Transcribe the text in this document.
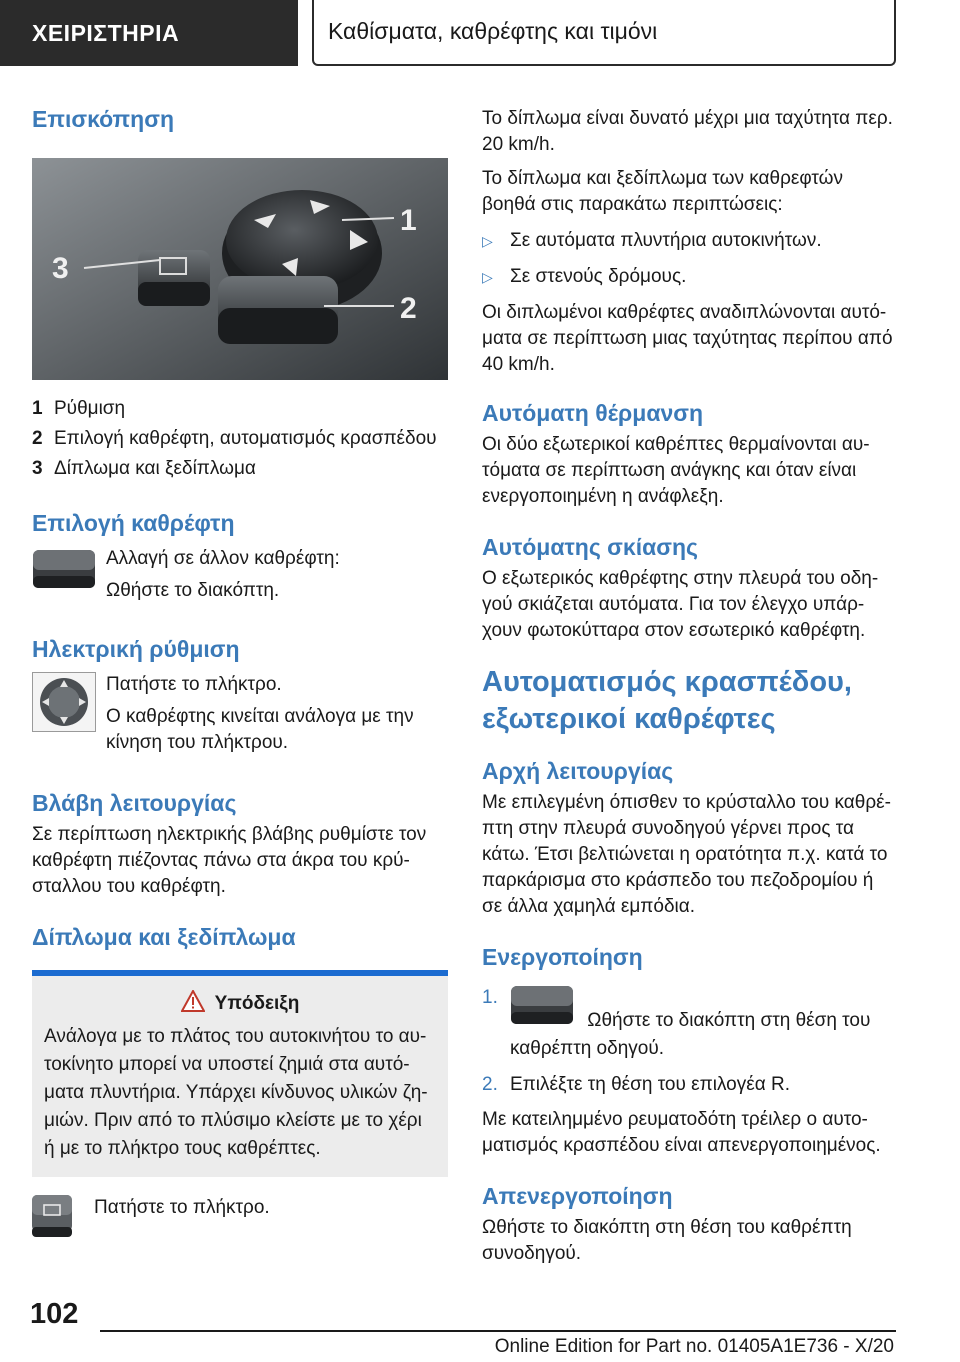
ΧΕΙΡΙΣΤΗΡΙΑ	Καθίσματα, καθρέφτης και τιμόνι
Επισκόπηση
3
2
1
1 Ρύθμιση
2 Επιλογή καθρέφτη, αυτοματισμός κρασπέδου
3 Δίπλωμα και ξεδίπλωμα
Επιλογή καθρέφτη

Αλλαγή σε άλλον καθρέφτη:

Ωθήστε το διακόπτη.

Ηλεκτρική ρύθμιση

Πατήστε το πλήκτρο.

Ο καθρέφτης κινείται ανάλογα με την κίνηση του πλήκτρου.

Βλάβη λειτουργίας

Σε περίπτωση ηλεκτρικής βλάβης ρυθμίστε τον καθρέφτη πιέζοντας πάνω στα άκρα του κρύ-σταλλου του καθρέφτη.

Δίπλωμα και ξεδίπλωμα
Υπόδειξη
Ανάλογα με το πλάτος του αυτοκινήτου το αυ-τοκίνητο μπορεί να υποστεί ζημιά στα αυτό-ματα πλυντήρια. Υπάρχει κίνδυνος υλικών ζη-μιών. Πριν από το πλύσιμο κλείστε με το χέρι ή με το πλήκτρο τους καθρέπτες.

Πατήστε το πλήκτρο.

Το δίπλωμα είναι δυνατό μέχρι μια ταχύτητα περ. 20 km/h.

Το δίπλωμα και ξεδίπλωμα των καθρεφτών βοηθά στις παρακάτω περιπτώσεις:

▷ Σε αυτόματα πλυντήρια αυτοκινήτων.
▷ Σε στενούς δρόμους.

Οι διπλωμένοι καθρέφτες αναδιπλώνονται αυτό-ματα σε περίπτωση μιας ταχύτητας περίπου από 40 km/h.

Αυτόματη θέρμανση

Οι δύο εξωτερικοί καθρέπτες θερμαίνονται αυ-τόματα σε περίπτωση ανάγκης και όταν είναι ενεργοποιημένη η ανάφλεξη.

Αυτόματης σκίασης

Ο εξωτερικός καθρέφτης στην πλευρά του οδη-γού σκιάζεται αυτόματα. Για τον έλεγχο υπάρ-χουν φωτοκύτταρα στον εσωτερικό καθρέφτη.

Αυτοματισμός κρασπέδου,
εξωτερικοί καθρέφτες
Αρχή λειτουργίας

Με επιλεγμένη όπισθεν το κρύσταλλο του καθρέ-πτη στην πλευρά συνοδηγού γέρνει προς τα κάτω. Έτσι βελτιώνεται η ορατότητα π.χ. κατά το παρκάρισμα στο κράσπεδο του πεζοδρομίου ή σε άλλα χαμηλά εμπόδια.

Ενεργοποίηση
1.
Ωθήστε το διακόπτη στη θέση του καθρέπτη οδηγού.
2. Επιλέξτε τη θέση του επιλογέα R.

Με κατειλημμένο ρευματοδότη τρέιλερ ο αυτο-ματισμός κρασπέδου είναι απενεργοποιημένος.

Απενεργοποίηση

Ωθήστε το διακόπτη στη θέση του καθρέπτη συνοδηγού.

102
Online Edition for Part no. 01405A1E736 - X/20
